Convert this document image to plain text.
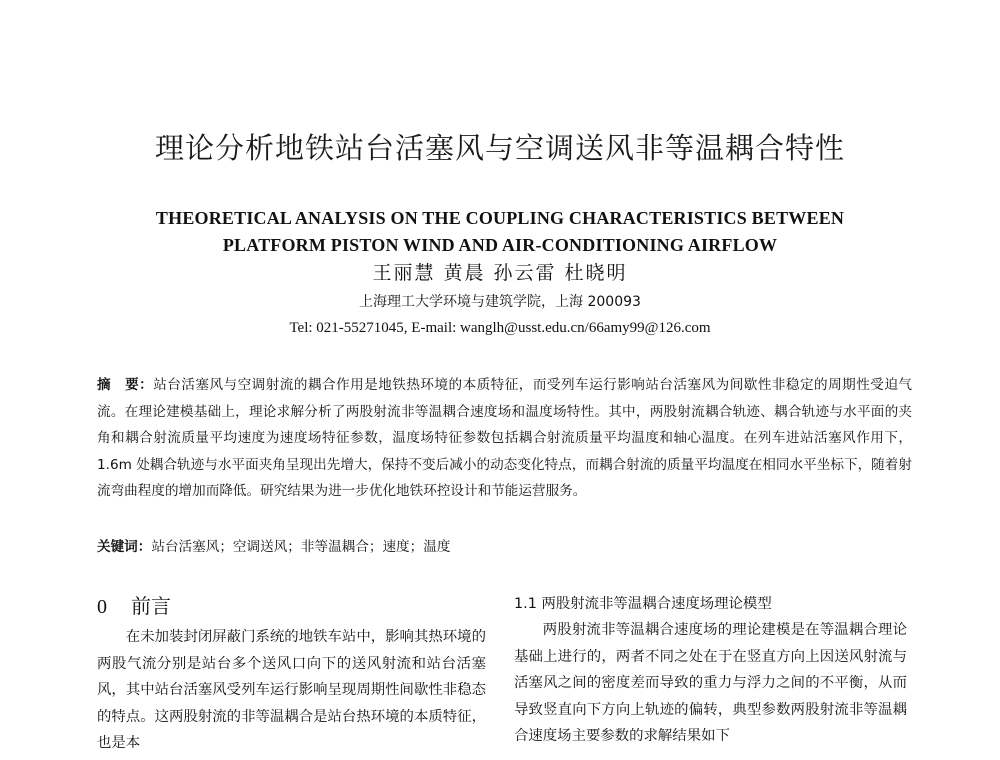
理论分析地铁站台活塞风与空调送风非等温耦合特性
THEORETICAL ANALYSIS ON THE COUPLING CHARACTERISTICS BETWEEN
PLATFORM PISTON WIND AND AIR-CONDITIONING AIRFLOW
王丽慧 黄晨 孙云雷 杜晓明
上海理工大学环境与建筑学院，上海 200093
Tel: 021-55271045, E-mail: wanglh@usst.edu.cn/66amy99@126.com
摘　要：站台活塞风与空调射流的耦合作用是地铁热环境的本质特征，而受列车运行影响站台活塞风为间歇性非稳定的周期性受迫气流。在理论建模基础上，理论求解分析了两股射流非等温耦合速度场和温度场特性。其中，两股射流耦合轨迹、耦合轨迹与水平面的夹角和耦合射流质量平均速度为速度场特征参数，温度场特征参数包括耦合射流质量平均温度和轴心温度。在列车进站活塞风作用下，1.6m 处耦合轨迹与水平面夹角呈现出先增大，保持不变后减小的动态变化特点，而耦合射流的质量平均温度在相同水平坐标下，随着射流弯曲程度的增加而降低。研究结果为进一步优化地铁环控设计和节能运营服务。
关键词：站台活塞风；空调送风；非等温耦合；速度；温度
0 前言
在未加装封闭屏蔽门系统的地铁车站中，影响其热环境的两股气流分别是站台多个送风口向下的送风射流和站台活塞风，其中站台活塞风受列车运行影响呈现周期性间歇性非稳态的特点。这两股射流的非等温耦合是站台热环境的本质特征，也是本
1.1 两股射流非等温耦合速度场理论模型
两股射流非等温耦合速度场的理论建模是在等温耦合理论基础上进行的，两者不同之处在于在竖直方向上因送风射流与活塞风之间的密度差而导致的重力与浮力之间的不平衡，从而导致竖直向下方向上轨迹的偏转，典型参数两股射流非等温耦合速度场主要参数的求解结果如下
